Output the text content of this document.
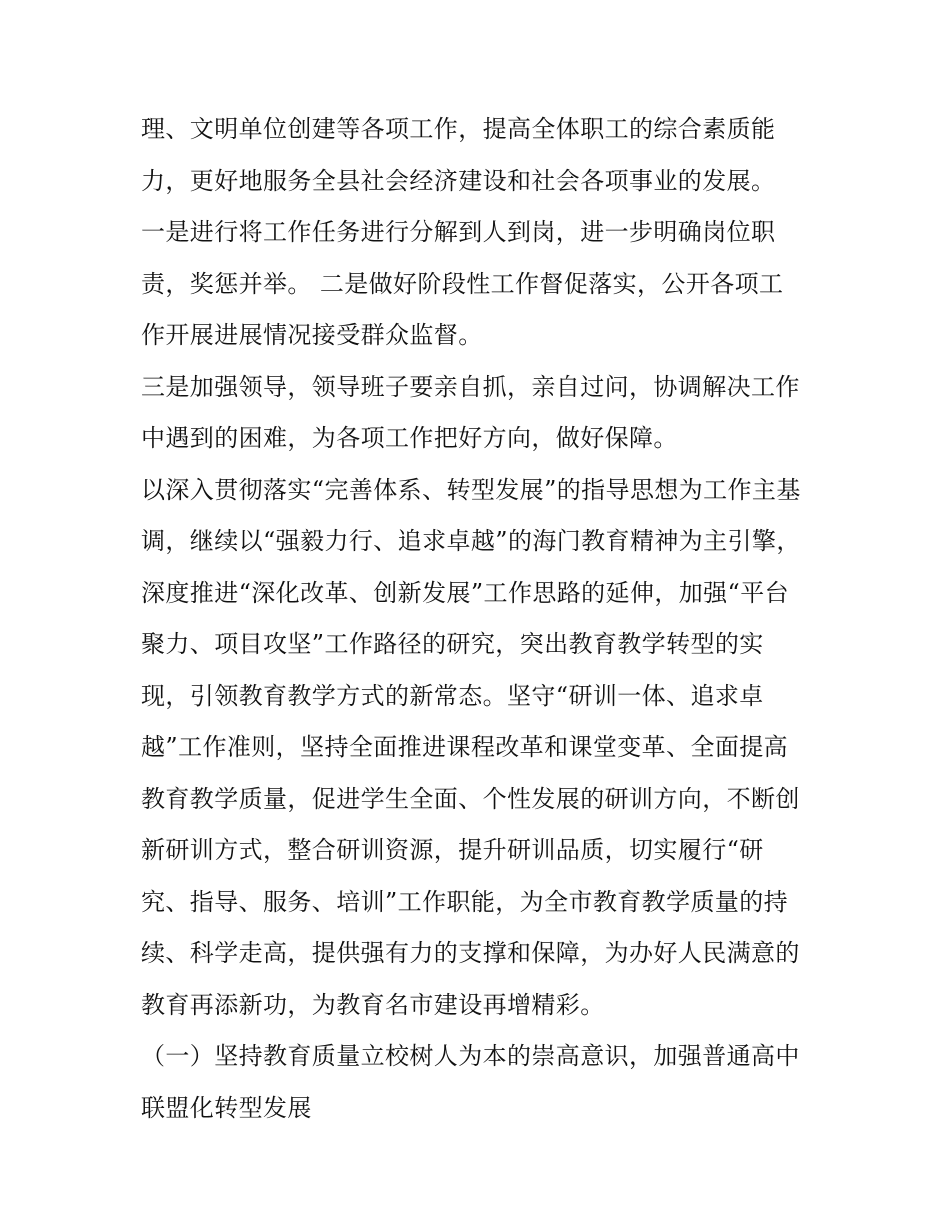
理、文明单位创建等各项工作，提高全体职工的综合素质能
力，更好地服务全县社会经济建设和社会各项事业的发展。
一是进行将工作任务进行分解到人到岗，进一步明确岗位职
责，奖惩并举。 二是做好阶段性工作督促落实，公开各项工
作开展进展情况接受群众监督。
三是加强领导，领导班子要亲自抓，亲自过问，协调解决工作
中遇到的困难，为各项工作把好方向，做好保障。
以深入贯彻落实“完善体系、转型发展”的指导思想为工作主基
调，继续以“强毅力行、追求卓越”的海门教育精神为主引擎，
深度推进“深化改革、创新发展”工作思路的延伸，加强“平台
聚力、项目攻坚”工作路径的研究，突出教育教学转型的实
现，引领教育教学方式的新常态。坚守“研训一体、追求卓
越”工作准则，坚持全面推进课程改革和课堂变革、全面提高
教育教学质量，促进学生全面、个性发展的研训方向，不断创
新研训方式，整合研训资源，提升研训品质，切实履行“研
究、指导、服务、培训”工作职能，为全市教育教学质量的持
续、科学走高，提供强有力的支撑和保障，为办好人民满意的
教育再添新功，为教育名市建设再增精彩。
（一）坚持教育质量立校树人为本的崇高意识，加强普通高中
联盟化转型发展
